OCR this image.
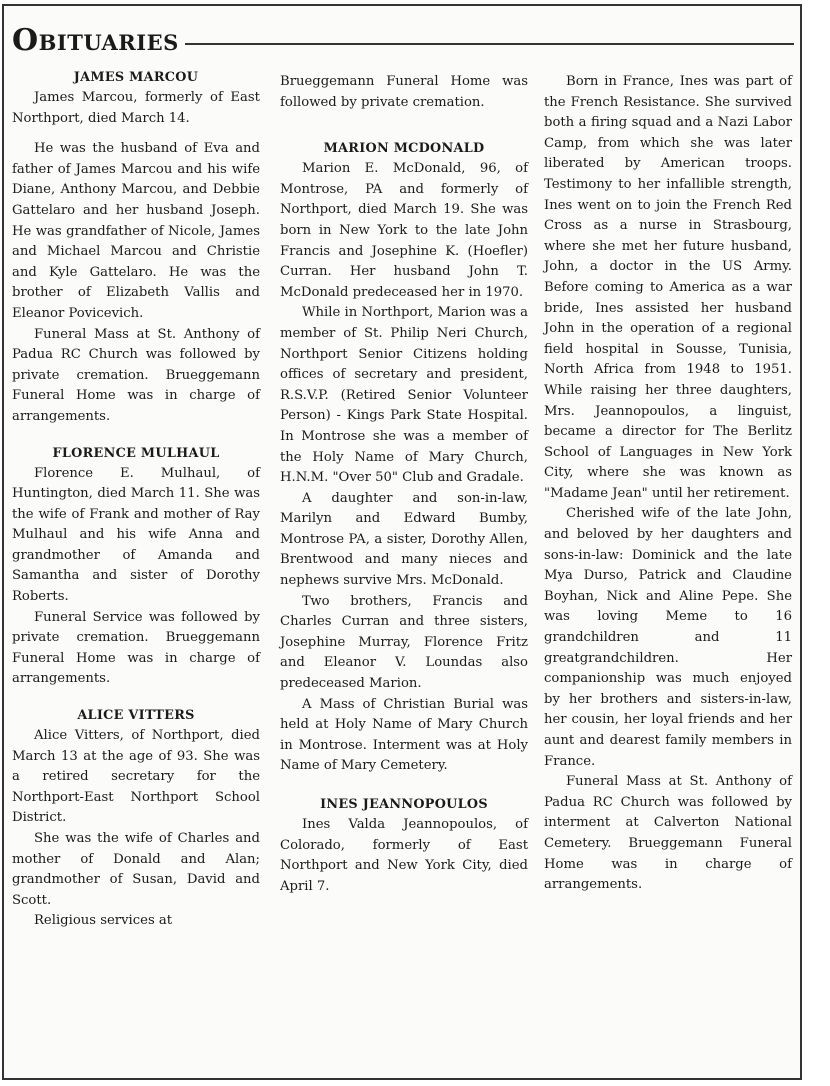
Obituaries
JAMES MARCOU

James Marcou, formerly of East Northport, died March 14.

He was the husband of Eva and father of James Marcou and his wife Diane, Anthony Marcou, and Debbie Gattelaro and her husband Joseph. He was grandfather of Nicole, James and Michael Marcou and Christie and Kyle Gattelaro. He was the brother of Elizabeth Vallis and Eleanor Povicevich.

Funeral Mass at St. Anthony of Padua RC Church was followed by private cremation. Brueggemann Funeral Home was in charge of arrangements.

FLORENCE MULHAUL

Florence E. Mulhaul, of Huntington, died March 11. She was the wife of Frank and mother of Ray Mulhaul and his wife Anna and grandmother of Amanda and Samantha and sister of Dorothy Roberts.

Funeral Service was followed by private cremation. Brueggemann Funeral Home was in charge of arrangements.

ALICE VITTERS

Alice Vitters, of Northport, died March 13 at the age of 93. She was a retired secretary for the Northport-East Northport School District.

She was the wife of Charles and mother of Donald and Alan; grandmother of Susan, David and Scott.

Religious services at

Brueggemann Funeral Home was followed by private cremation.

MARION MCDONALD

Marion E. McDonald, 96, of Montrose, PA and formerly of Northport, died March 19. She was born in New York to the late John Francis and Josephine K. (Hoefler) Curran. Her husband John T. McDonald predeceased her in 1970.

While in Northport, Marion was a member of St. Philip Neri Church, Northport Senior Citizens holding offices of secretary and president, R.S.V.P. (Retired Senior Volunteer Person) - Kings Park State Hospital. In Montrose she was a member of the Holy Name of Mary Church, H.N.M. "Over 50" Club and Gradale.

A daughter and son-in-law, Marilyn and Edward Bumby, Montrose PA, a sister, Dorothy Allen, Brentwood and many nieces and nephews survive Mrs. McDonald.

Two brothers, Francis and Charles Curran and three sisters, Josephine Murray, Florence Fritz and Eleanor V. Loundas also predeceased Marion.

A Mass of Christian Burial was held at Holy Name of Mary Church in Montrose. Interment was at Holy Name of Mary Cemetery.

INES JEANNOPOULOS

Ines Valda Jeannopoulos, of Colorado, formerly of East Northport and New York City, died April 7.

Born in France, Ines was part of the French Resistance. She survived both a firing squad and a Nazi Labor Camp, from which she was later liberated by American troops. Testimony to her infallible strength, Ines went on to join the French Red Cross as a nurse in Strasbourg, where she met her future husband, John, a doctor in the US Army. Before coming to America as a war bride, Ines assisted her husband John in the operation of a regional field hospital in Sousse, Tunisia, North Africa from 1948 to 1951. While raising her three daughters, Mrs. Jeannopoulos, a linguist, became a director for The Berlitz School of Languages in New York City, where she was known as "Madame Jean" until her retirement.

Cherished wife of the late John, and beloved by her daughters and sons-in-law: Dominick and the late Mya Durso, Patrick and Claudine Boyhan, Nick and Aline Pepe. She was loving Meme to 16 grandchildren and 11 greatgrandchildren. Her companionship was much enjoyed by her brothers and sisters-in-law, her cousin, her loyal friends and her aunt and dearest family members in France.

Funeral Mass at St. Anthony of Padua RC Church was followed by interment at Calverton National Cemetery. Brueggemann Funeral Home was in charge of arrangements.
